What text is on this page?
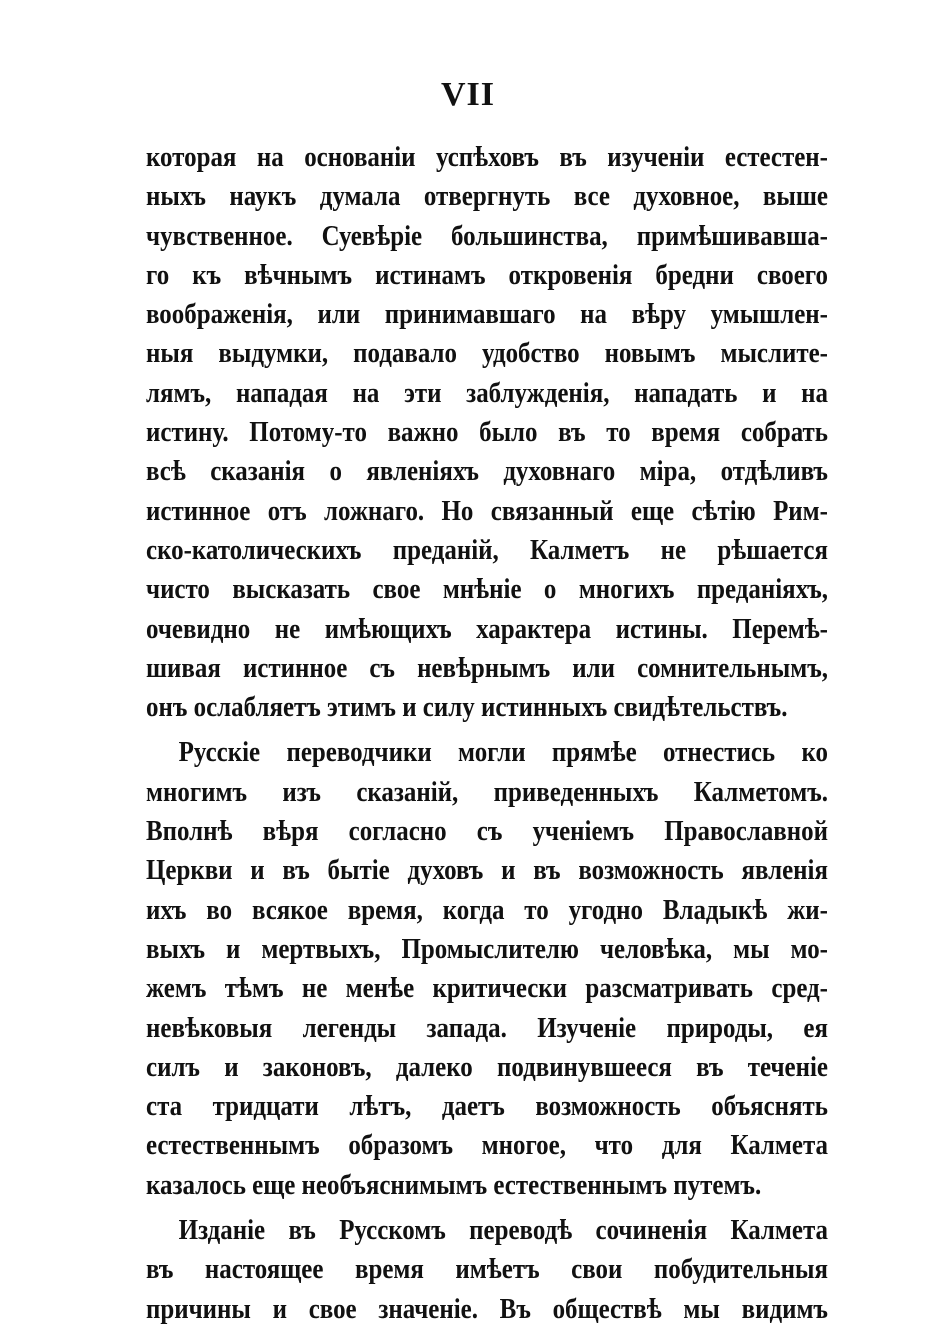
VII
которая на основаніи успѣховъ въ изученіи естестен-
ныхъ наукъ думала отвергнуть все духовное, выше
чувственное. Суевѣріе большинства, примѣшивавша-
го къ вѣчнымъ истинамъ откровенія бредни своего
воображенія, или принимавшаго на вѣру умышлен-
ныя выдумки, подавало удобство новымъ мыслите-
лямъ, нападая на эти заблужденія, нападать и на
истину. Потому-то важно было въ то время собрать
всѣ сказанія о явленіяхъ духовнаго міра, отдѣливъ
истинное отъ ложнаго. Но связанный еще сѣтію Рим-
ско-католическихъ преданій, Калметъ не рѣшается
чисто высказать свое мнѣніе о многихъ преданіяхъ,
очевидно не имѣющихъ характера истины. Перемѣ-
шивая истинное съ невѣрнымъ или сомнительнымъ,
онъ ослабляетъ этимъ и силу истинныхъ свидѣтельствъ.
Русскіе переводчики могли прямѣе отнестись ко
многимъ изъ сказаній, приведенныхъ Калметомъ.
Вполнѣ вѣря согласно съ ученіемъ Православной
Церкви и въ бытіе духовъ и въ возможность явленія
ихъ во всякое время, когда то угодно Владыкѣ жи-
выхъ и мертвыхъ, Промыслителю человѣка, мы мо-
жемъ тѣмъ не менѣе критически разсматривать сред-
невѣковыя легенды запада. Изученіе природы, ея
силъ и законовъ, далеко подвинувшееся въ теченіе
ста тридцати лѣтъ, даетъ возможность объяснять
естественнымъ образомъ многое, что для Калмета
казалось еще необъяснимымъ естественнымъ путемъ.
Изданіе въ Русскомъ переводѣ сочиненія Калмета
въ настоящее время имѣетъ свои побудительныя
причины и свое значеніе. Въ обществѣ мы видимъ
